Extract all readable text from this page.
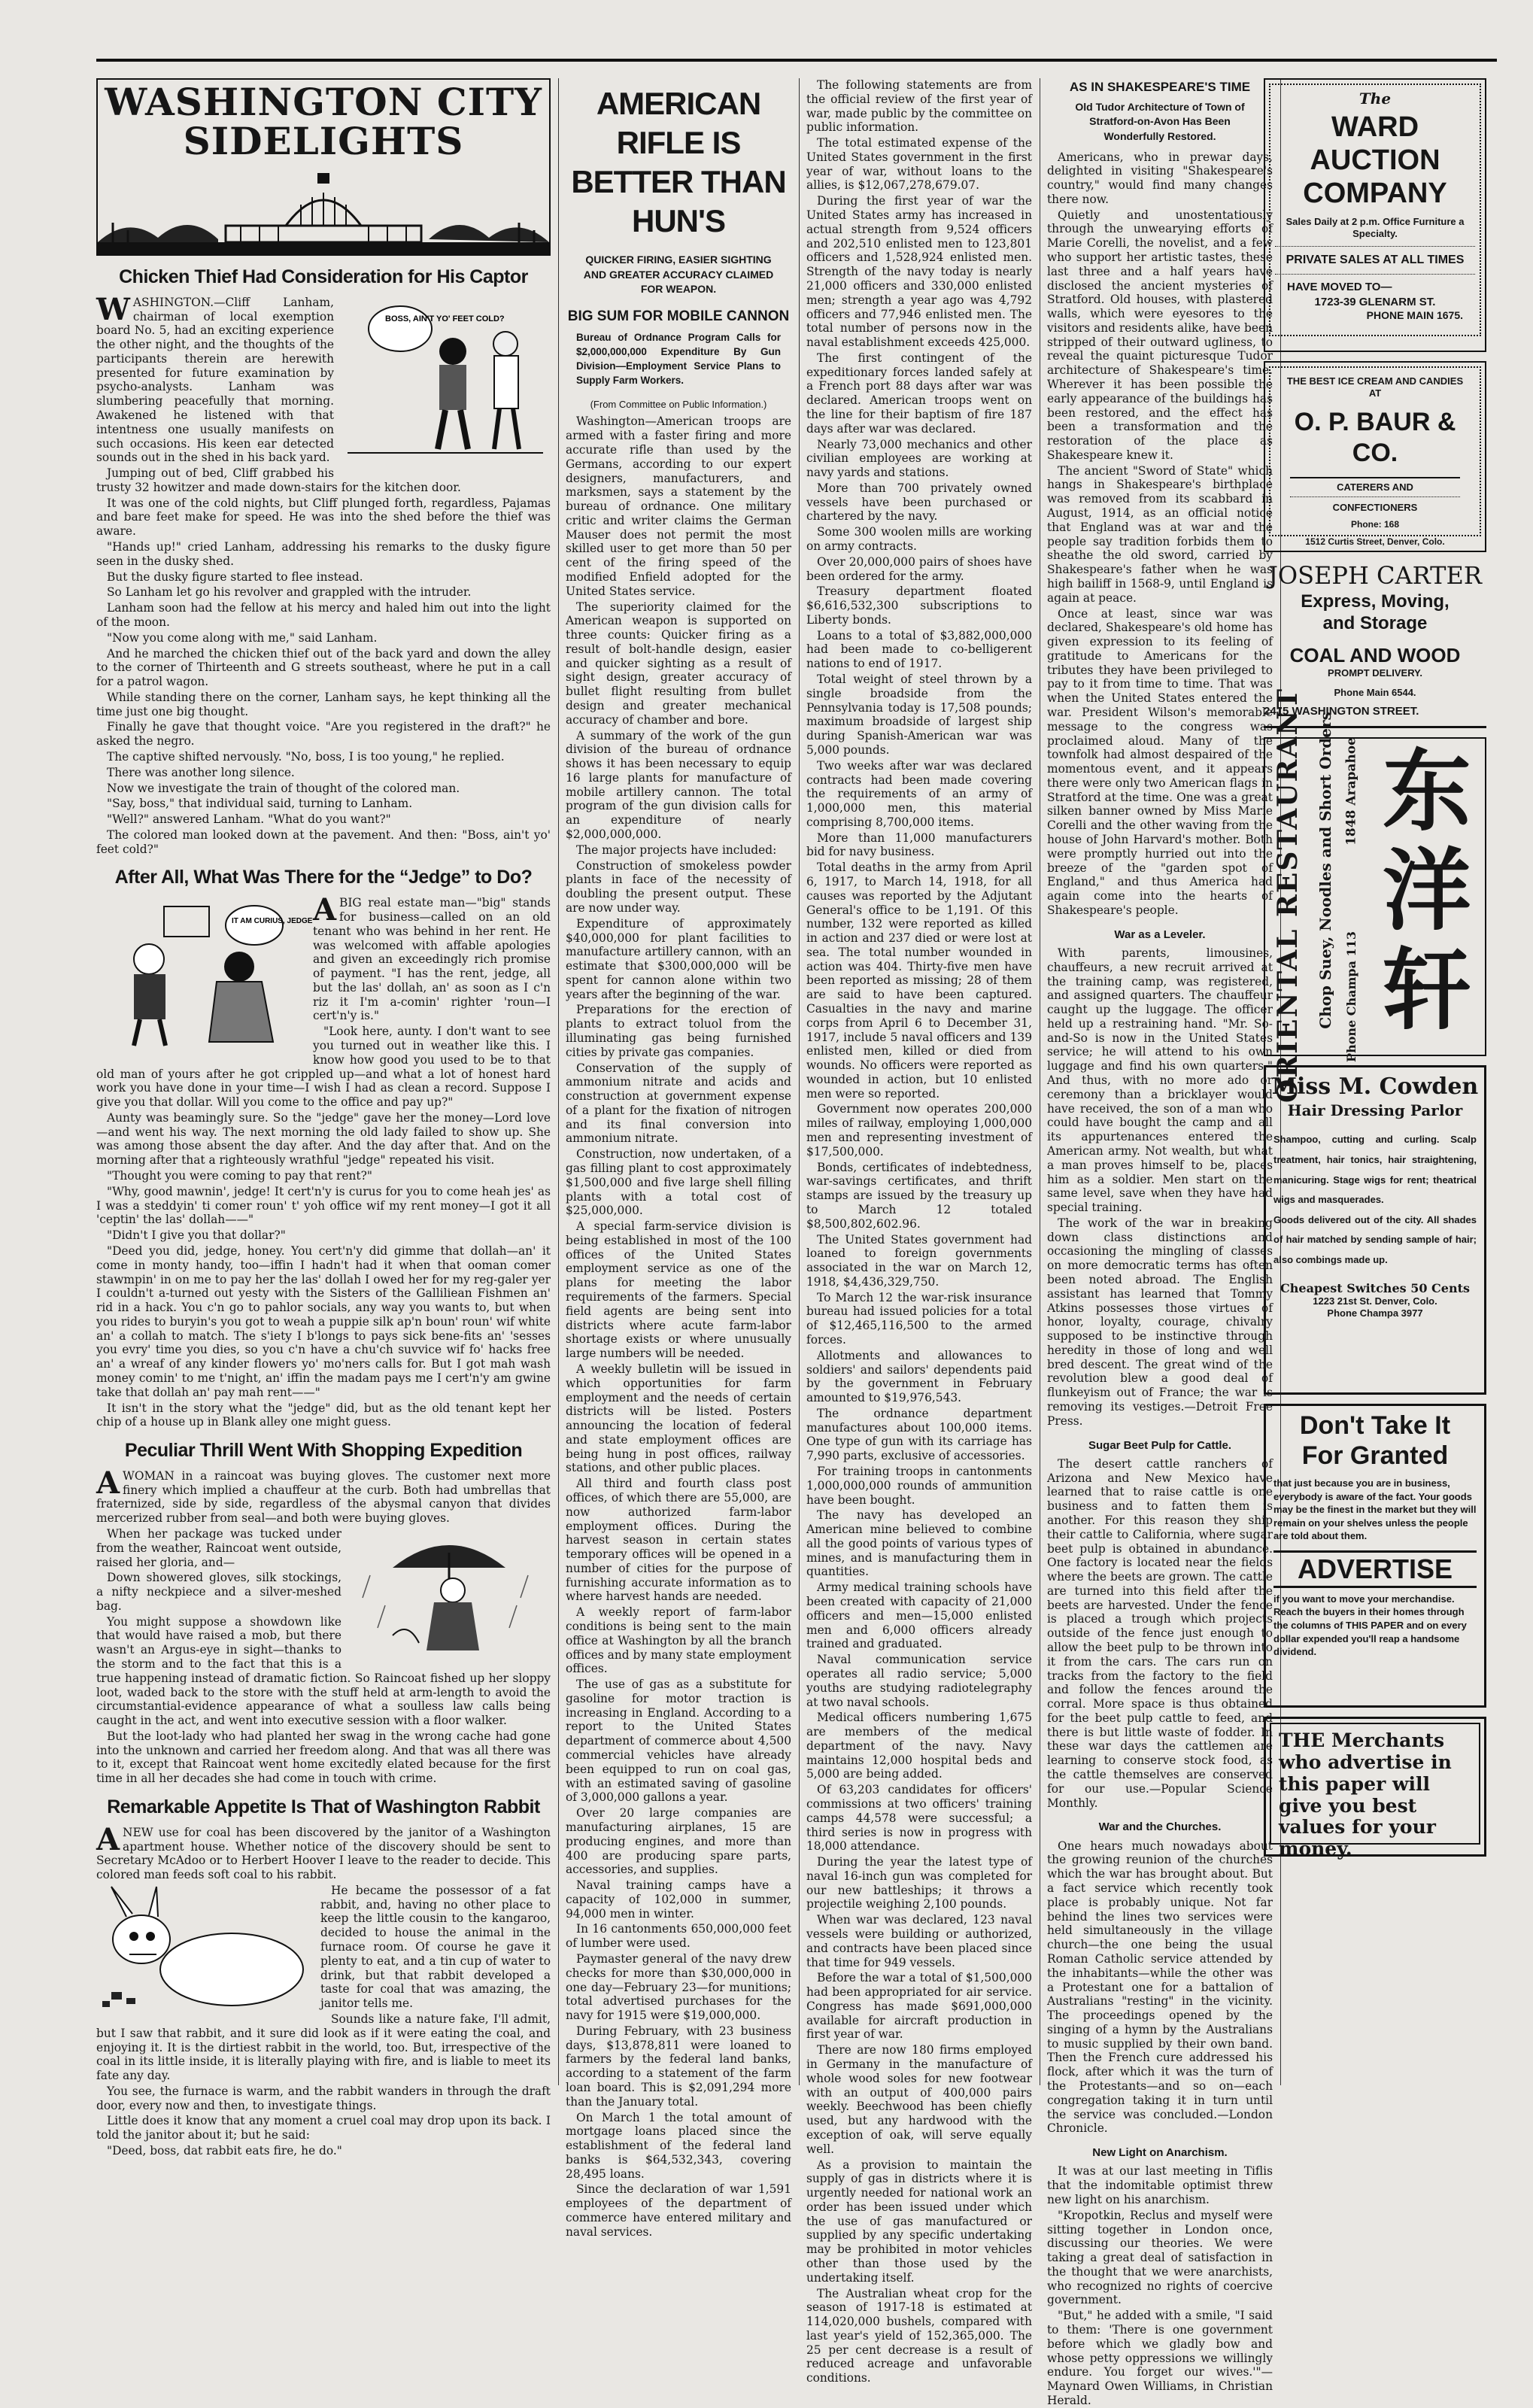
WASHINGTON CITY
SIDELIGHTS
Chicken Thief Had Consideration for His Captor
BOSS, AIN'T YO' FEET COLD?
W ASHINGTON.—Cliff Lanham, chairman of local exemption board No. 5, had an exciting experience the other night, and the thoughts of the participants therein are herewith presented for future examination by psycho-analysts. Lanham was slumbering peacefully that morning. Awakened he listened with that intentness one usually manifests on such occasions. His keen ear detected sounds out in the shed in his back yard.

Jumping out of bed, Cliff grabbed his trusty 32 howitzer and made down-stairs for the kitchen door.

It was one of the cold nights, but Cliff plunged forth, regardless, Pajamas and bare feet make for speed. He was into the shed before the thief was aware.

"Hands up!" cried Lanham, addressing his remarks to the dusky figure seen in the dusky shed.

But the dusky figure started to flee instead.

So Lanham let go his revolver and grappled with the intruder.

Lanham soon had the fellow at his mercy and haled him out into the light of the moon.

"Now you come along with me," said Lanham.

And he marched the chicken thief out of the back yard and down the alley to the corner of Thirteenth and G streets southeast, where he put in a call for a patrol wagon.

While standing there on the corner, Lanham says, he kept thinking all the time just one big thought.

Finally he gave that thought voice. "Are you registered in the draft?" he asked the negro.

The captive shifted nervously. "No, boss, I is too young," he replied.

There was another long silence.

Now we investigate the train of thought of the colored man.

"Say, boss," that individual said, turning to Lanham.

"Well?" answered Lanham. "What do you want?"

The colored man looked down at the pavement. And then: "Boss, ain't yo' feet cold?"

After All, What Was There for the “Jedge” to Do?
IT AM CURIUS, JEDGE A BIG real estate man—"big" stands for business—called on an old tenant who was behind in her rent. He was welcomed with affable apologies and given an exceedingly rich promise of payment. "I has the rent, jedge, all but the las' dollah, an' as soon as I c'n riz it I'm a-comin' righter 'roun—I cert'n'y is."

"Look here, aunty. I don't want to see you turned out in weather like this. I know how good you used to be to that old man of yours after he got crippled up—and what a lot of honest hard work you have done in your time—I wish I had as clean a record. Suppose I give you that dollar. Will you come to the office and pay up?"

Aunty was beamingly sure. So the "jedge" gave her the money—Lord love—and went his way. The next morning the old lady failed to show up. She was among those absent the day after. And the day after that. And on the morning after that a righteously wrathful "jedge" repeated his visit.

"Thought you were coming to pay that rent?"

"Why, good mawnin', jedge! It cert'n'y is curus for you to come heah jes' as I was a steddyin' ti comer roun' t' yoh office wif my rent money—I got it all 'ceptin' the las' dollah——"

"Didn't I give you that dollar?"

"Deed you did, jedge, honey. You cert'n'y did gimme that dollah—an' it come in monty handy, too—iffin I hadn't had it when that ooman comer stawmpin' in on me to pay her the las' dollah I owed her for my reg-galer yer I couldn't a-turned out yesty with the Sisters of the Galliliean Fishmen an' rid in a hack. You c'n go to pahlor socials, any way you wants to, but when you rides to buryin's you got to weah a puppie silk ap'n boun' roun' wif white an' a collah to match. The s'iety I b'longs to pays sick bene-fits an' 'sesses you evry' time you dies, so you c'n have a chu'ch suvvice wif fo' hacks free an' a wreaf of any kinder flowers yo' mo'ners calls for. But I got mah wash money comin' to me t'night, an' iffin the madam pays me I cert'n'y am gwine take that dollah an' pay mah rent——"

It isn't in the story what the "jedge" did, but as the old tenant kept her chip of a house up in Blank alley one might guess.

Peculiar Thrill Went With Shopping Expedition
A WOMAN in a raincoat was buying gloves. The customer next more finery which implied a chauffeur at the curb. Both had umbrellas that fraternized, side by side, regardless of the abysmal canyon that divides mercerized rubber from seal—and both were buying gloves.

When her package was tucked under from the weather, Raincoat went outside, raised her gloria, and—

Down showered gloves, silk stockings, a nifty neckpiece and a silver-meshed bag.

You might suppose a showdown like that would have raised a mob, but there wasn't an Argus-eye in sight—thanks to the storm and to the fact that this is a true happening instead of dramatic fiction. So Raincoat fished up her sloppy loot, waded back to the store with the stuff held at arm-length to avoid the circumstantial-evidence appearance of what a soulless law calls being caught in the act, and went into executive session with a floor walker.

But the loot-lady who had planted her swag in the wrong cache had gone into the unknown and carried her freedom along. And that was all there was to it, except that Raincoat went home excitedly elated because for the first time in all her decades she had come in touch with crime.

Remarkable Appetite Is That of Washington Rabbit
A NEW use for coal has been discovered by the janitor of a Washington apartment house. Whether notice of the discovery should be sent to Secretary McAdoo or to Herbert Hoover I leave to the reader to decide. This colored man feeds soft coal to his rabbit.

He became the possessor of a fat rabbit, and, having no other place to keep the little cousin to the kangaroo, decided to house the animal in the furnace room. Of course he gave it plenty to eat, and a tin cup of water to drink, but that rabbit developed a taste for coal that was amazing, the janitor tells me.

Sounds like a nature fake, I'll admit, but I saw that rabbit, and it sure did look as if it were eating the coal, and enjoying it. It is the dirtiest rabbit in the world, too. But, irrespective of the coal in its little inside, it is literally playing with fire, and is liable to meet its fate any day.

You see, the furnace is warm, and the rabbit wanders in through the draft door, every now and then, to investigate things.

Little does it know that any moment a cruel coal may drop upon its back. I told the janitor about it; but he said:

"Deed, boss, dat rabbit eats fire, he do."

AMERICAN RIFLE IS
BETTER THAN HUN'S
QUICKER FIRING, EASIER SIGHTING AND GREATER ACCURACY CLAIMED FOR WEAPON.
BIG SUM FOR MOBILE CANNON
Bureau of Ordnance Program Calls for $2,000,000,000 Expenditure By Gun Division—Employment Service Plans to Supply Farm Workers.
(From Committee on Public Information.)

Washington—American troops are armed with a faster firing and more accurate rifle than used by the Germans, according to our expert designers, manufacturers, and marksmen, says a statement by the bureau of ordnance. One military critic and writer claims the German Mauser does not permit the most skilled user to get more than 50 per cent of the firing speed of the modified Enfield adopted for the United States service.

The superiority claimed for the American weapon is supported on three counts: Quicker firing as a result of bolt-handle design, easier and quicker sighting as a result of sight design, greater accuracy of bullet flight resulting from bullet design and greater mechanical accuracy of chamber and bore.

A summary of the work of the gun division of the bureau of ordnance shows it has been necessary to equip 16 large plants for manufacture of mobile artillery cannon. The total program of the gun division calls for an expenditure of nearly $2,000,000,000.

The major projects have included:

Construction of smokeless powder plants in face of the necessity of doubling the present output. These are now under way.

Expenditure of approximately $40,000,000 for plant facilities to manufacture artillery cannon, with an estimate that $300,000,000 will be spent for cannon alone within two years after the beginning of the war.

Preparations for the erection of plants to extract toluol from the illuminating gas being furnished cities by private gas companies.

Conservation of the supply of ammonium nitrate and acids and construction at government expense of a plant for the fixation of nitrogen and its final conversion into ammonium nitrate.

Construction, now undertaken, of a gas filling plant to cost approximately $1,500,000 and five large shell filling plants with a total cost of $25,000,000.

A special farm-service division is being established in most of the 100 offices of the United States employment service as one of the plans for meeting the labor requirements of the farmers. Special field agents are being sent into districts where acute farm-labor shortage exists or where unusually large numbers will be needed.

A weekly bulletin will be issued in which opportunities for farm employment and the needs of certain districts will be listed. Posters announcing the location of federal and state employment offices are being hung in post offices, railway stations, and other public places.

All third and fourth class post offices, of which there are 55,000, are now authorized farm-labor employment offices. During the harvest season in certain states temporary offices will be opened in a number of cities for the purpose of furnishing accurate information as to where harvest hands are needed.

A weekly report of farm-labor conditions is being sent to the main office at Washington by all the branch offices and by many state employment offices.

The use of gas as a substitute for gasoline for motor traction is increasing in England. According to a report to the United States department of commerce about 4,500 commercial vehicles have already been equipped to run on coal gas, with an estimated saving of gasoline of 3,000,000 gallons a year.

Over 20 large companies are manufacturing airplanes, 15 are producing engines, and more than 400 are producing spare parts, accessories, and supplies.

Naval training camps have a capacity of 102,000 in summer, 94,000 men in winter.

In 16 cantonments 650,000,000 feet of lumber were used.

Paymaster general of the navy drew checks for more than $30,000,000 in one day—February 23—for munitions; total advertised purchases for the navy for 1915 were $19,000,000.

During February, with 23 business days, $13,878,811 were loaned to farmers by the federal land banks, according to a statement of the farm loan board. This is $2,091,294 more than the January total.

On March 1 the total amount of mortgage loans placed since the establishment of the federal land banks is $64,532,343, covering 28,495 loans.

Since the declaration of war 1,591 employees of the department of commerce have entered military and naval services.

The following statements are from the official review of the first year of war, made public by the committee on public information.

The total estimated expense of the United States government in the first year of war, without loans to the allies, is $12,067,278,679.07.

During the first year of war the United States army has increased in actual strength from 9,524 officers and 202,510 enlisted men to 123,801 officers and 1,528,924 enlisted men. Strength of the navy today is nearly 21,000 officers and 330,000 enlisted men; strength a year ago was 4,792 officers and 77,946 enlisted men. The total number of persons now in the naval establishment exceeds 425,000.

The first contingent of the expeditionary forces landed safely at a French port 88 days after war was declared. American troops went on the line for their baptism of fire 187 days after war was declared.

Nearly 73,000 mechanics and other civilian employees are working at navy yards and stations.

More than 700 privately owned vessels have been purchased or chartered by the navy.

Some 300 woolen mills are working on army contracts.

Over 20,000,000 pairs of shoes have been ordered for the army.

Treasury department floated $6,616,532,300 subscriptions to Liberty bonds.

Loans to a total of $3,882,000,000 had been made to co-belligerent nations to end of 1917.

Total weight of steel thrown by a single broadside from the Pennsylvania today is 17,508 pounds; maximum broadside of largest ship during Spanish-American war was 5,000 pounds.

Two weeks after war was declared contracts had been made covering the requirements of an army of 1,000,000 men, this material comprising 8,700,000 items.

More than 11,000 manufacturers bid for navy business.

Total deaths in the army from April 6, 1917, to March 14, 1918, for all causes was reported by the Adjutant General's office to be 1,191. Of this number, 132 were reported as killed in action and 237 died or were lost at sea. The total number wounded in action was 404. Thirty-five men have been reported as missing; 28 of them are said to have been captured. Casualties in the navy and marine corps from April 6 to December 31, 1917, include 5 naval officers and 139 enlisted men, killed or died from wounds. No officers were reported as wounded in action, but 10 enlisted men were so reported.

Government now operates 200,000 miles of railway, employing 1,000,000 men and representing investment of $17,500,000.

Bonds, certificates of indebtedness, war-savings certificates, and thrift stamps are issued by the treasury up to March 12 totaled $8,500,802,602.96.

The United States government had loaned to foreign governments associated in the war on March 12, 1918, $4,436,329,750.

To March 12 the war-risk insurance bureau had issued policies for a total of $12,465,116,500 to the armed forces.

Allotments and allowances to soldiers' and sailors' dependents paid by the government in February amounted to $19,976,543.

The ordnance department manufactures about 100,000 items. One type of gun with its carriage has 7,990 parts, exclusive of accessories.

For training troops in cantonments 1,000,000,000 rounds of ammunition have been bought.

The navy has developed an American mine believed to combine all the good points of various types of mines, and is manufacturing them in quantities.

Army medical training schools have been created with capacity of 21,000 officers and men—15,000 enlisted men and 6,000 officers already trained and graduated.

Naval communication service operates all radio service; 5,000 youths are studying radiotelegraphy at two naval schools.

Medical officers numbering 1,675 are members of the medical department of the navy. Navy maintains 12,000 hospital beds and 5,000 are being added.

Of 63,203 candidates for officers' commissions at two officers' training camps 44,578 were successful; a third series is now in progress with 18,000 attendance.

During the year the latest type of naval 16-inch gun was completed for our new battleships; it throws a projectile weighing 2,100 pounds.

When war was declared, 123 naval vessels were building or authorized, and contracts have been placed since that time for 949 vessels.

Before the war a total of $1,500,000 had been appropriated for air service. Congress has made $691,000,000 available for aircraft production in first year of war.

There are now 180 firms employed in Germany in the manufacture of whole wood soles for new footwear with an output of 400,000 pairs weekly. Beechwood has been chiefly used, but any hardwood with the exception of oak, will serve equally well.

As a provision to maintain the supply of gas in districts where it is urgently needed for national work an order has been issued under which the use of gas manufactured or supplied by any specific undertaking may be prohibited in motor vehicles other than those used by the undertaking itself.

The Australian wheat crop for the season of 1917-18 is estimated at 114,020,000 bushels, compared with last year's yield of 152,365,000. The 25 per cent decrease is a result of reduced acreage and unfavorable conditions.

AS IN SHAKESPEARE'S TIME
Old Tudor Architecture of Town of Stratford-on-Avon Has Been Wonderfully Restored.

Americans, who in prewar days, delighted in visiting "Shakespeare's country," would find many changes there now.

Quietly and unostentatiously through the unwearying efforts of Marie Corelli, the novelist, and a few who support her artistic tastes, these last three and a half years have disclosed the ancient mysteries of Stratford. Old houses, with plastered walls, which were eyesores to the visitors and residents alike, have been stripped of their outward ugliness, to reveal the quaint picturesque Tudor architecture of Shakespeare's time. Wherever it has been possible the early appearance of the buildings has been restored, and the effect has been a transformation and the restoration of the place as Shakespeare knew it.

The ancient "Sword of State" which hangs in Shakespeare's birthplace was removed from its scabbard in August, 1914, as an official notice that England was at war and the people say tradition forbids them to sheathe the old sword, carried by Shakespeare's father when he was high bailiff in 1568-9, until England is again at peace.

Once at least, since war was declared, Shakespeare's old home has given expression to its feeling of gratitude to Americans for the tributes they have been privileged to pay to it from time to time. That was when the United States entered the war. President Wilson's memorable message to the congress was proclaimed aloud. Many of the townfolk had almost despaired of the momentous event, and it appears there were only two American flags in Stratford at the time. One was a great silken banner owned by Miss Marie Corelli and the other waving from the house of John Harvard's mother. Both were promptly hurried out into the breeze of the "garden spot of England," and thus America had again come into the hearts of Shakespeare's people.

War as a Leveler.

With parents, limousines, chauffeurs, a new recruit arrived at the training camp, was registered, and assigned quarters. The chauffeur caught up the luggage. The officer held up a restraining hand. "Mr. So-and-So is now in the United States service; he will attend to his own luggage and find his own quarters." And thus, with no more ado or ceremony than a bricklayer would have received, the son of a man who could have bought the camp and all its appurtenances entered the American army. Not wealth, but what a man proves himself to be, places him as a soldier. Men start on the same level, save when they have had special training.

The work of the war in breaking down class distinctions and occasioning the mingling of classes on more democratic terms has often been noted abroad. The English assistant has learned that Tommy Atkins possesses those virtues of honor, loyalty, courage, chivalry supposed to be instinctive through heredity in those of long and well bred descent. The great wind of the revolution blew a good deal of flunkeyism out of France; the war is removing its vestiges.—Detroit Free Press.

Sugar Beet Pulp for Cattle.

The desert cattle ranchers of Arizona and New Mexico have learned that to raise cattle is one business and to fatten them is another. For this reason they ship their cattle to California, where sugar beet pulp is obtained in abundance. One factory is located near the fields where the beets are grown. The cattle are turned into this field after the beets are harvested. Under the fence is placed a trough which projects outside of the fence just enough to allow the beet pulp to be thrown into it from the cars. The cars run on tracks from the factory to the field and follow the fences around the corral. More space is thus obtained for the beet pulp cattle to feed, and there is but little waste of fodder. In these war days the cattlemen are learning to conserve stock food, as the cattle themselves are conserved for our use.—Popular Science Monthly.

War and the Churches.

One hears much nowadays about the growing reunion of the churches which the war has brought about. But a fact service which recently took place is probably unique. Not far behind the lines two services were held simultaneously in the village church—the one being the usual Roman Catholic service attended by the inhabitants—while the other was a Protestant one for a battalion of Australians "resting" in the vicinity. The proceedings opened by the singing of a hymn by the Australians to music supplied by their own band. Then the French cure addressed his flock, after which it was the turn of the Protestants—and so on—each congregation taking it in turn until the service was concluded.—London Chronicle.

New Light on Anarchism.

It was at our last meeting in Tiflis that the indomitable optimist threw new light on his anarchism.

"Kropotkin, Reclus and myself were sitting together in London once, discussing our theories. We were taking a great deal of satisfaction in the thought that we were anarchists, who recognized no rights of coercive government.

"But," he added with a smile, "I said to them: 'There is one government before which we gladly bow and whose petty oppressions we willingly endure. You forget our wives.'"—Maynard Owen Williams, in Christian Herald.

The
WARD AUCTION COMPANY
Sales Daily at 2 p.m. Office Furniture a Specialty.
PRIVATE SALES AT ALL TIMES
HAVE MOVED TO—
1723-39 GLENARM ST.
PHONE MAIN 1675.
THE BEST ICE CREAM AND CANDIES AT
O. P. BAUR & CO.
CATERERS AND
CONFECTIONERS
Phone: 168
1512 Curtis Street, Denver, Colo.
JOSEPH CARTER
Express, Moving,
and Storage
COAL AND WOOD
PROMPT DELIVERY.
Phone Main 6544.
2415 WASHINGTON STREET.
ORIENTAL RESTAURANT Chop Suey, Noodles and Short Orders 1848 Arapahoe
Phone Champa 113
东
洋
轩
Miss M. Cowden
Hair Dressing Parlor
Shampoo, cutting and curling. Scalp treatment, hair tonics, hair straightening, manicuring. Stage wigs for rent; theatrical wigs and masquerades.
Goods delivered out of the city. All shades of hair matched by sending sample of hair; also combings made up.
Cheapest Switches 50 Cents
1223 21st St. Denver, Colo.
Phone Champa 3977
Don't Take It
For Granted
that just because you are in business, everybody is aware of the fact. Your goods may be the finest in the market but they will remain on your shelves unless the people are told about them.
ADVERTISE
if you want to move your merchandise. Reach the buyers in their homes through the columns of THIS PAPER and on every dollar expended you'll reap a handsome dividend.
THE Merchants who advertise in this paper will give you best values for your money.
